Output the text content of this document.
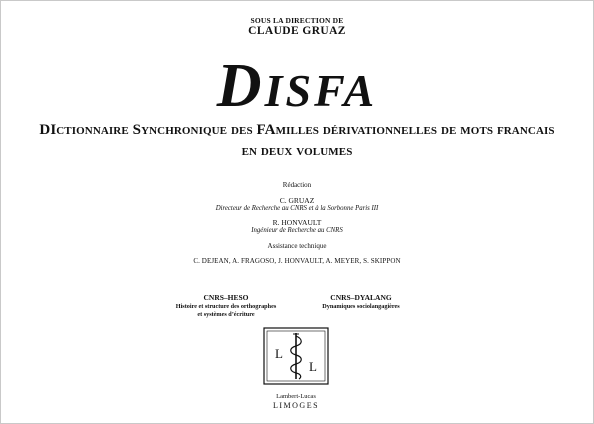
SOUS LA DIRECTION DE
CLAUDE GRUAZ
DISFA
DIctionnaire Synchronique des FAmilles dérivationnelles de mots francais
en deux volumes
Rédaction
C. GRUAZ
Directeur de Recherche au CNRS et à la Sorbonne Paris III
R. HONVAULT
Ingénieur de Recherche au CNRS
Assistance technique
C. DEJEAN, A. FRAGOSO, J. HONVAULT, A. MEYER, S. SKIPPON
CNRS–HESO
Histoire et structure des orthographes
et systèmes d’écriture
CNRS–DYALANG
Dynamiques sociolangagières
L
L
Lambert-Lucas
LIMOGES
